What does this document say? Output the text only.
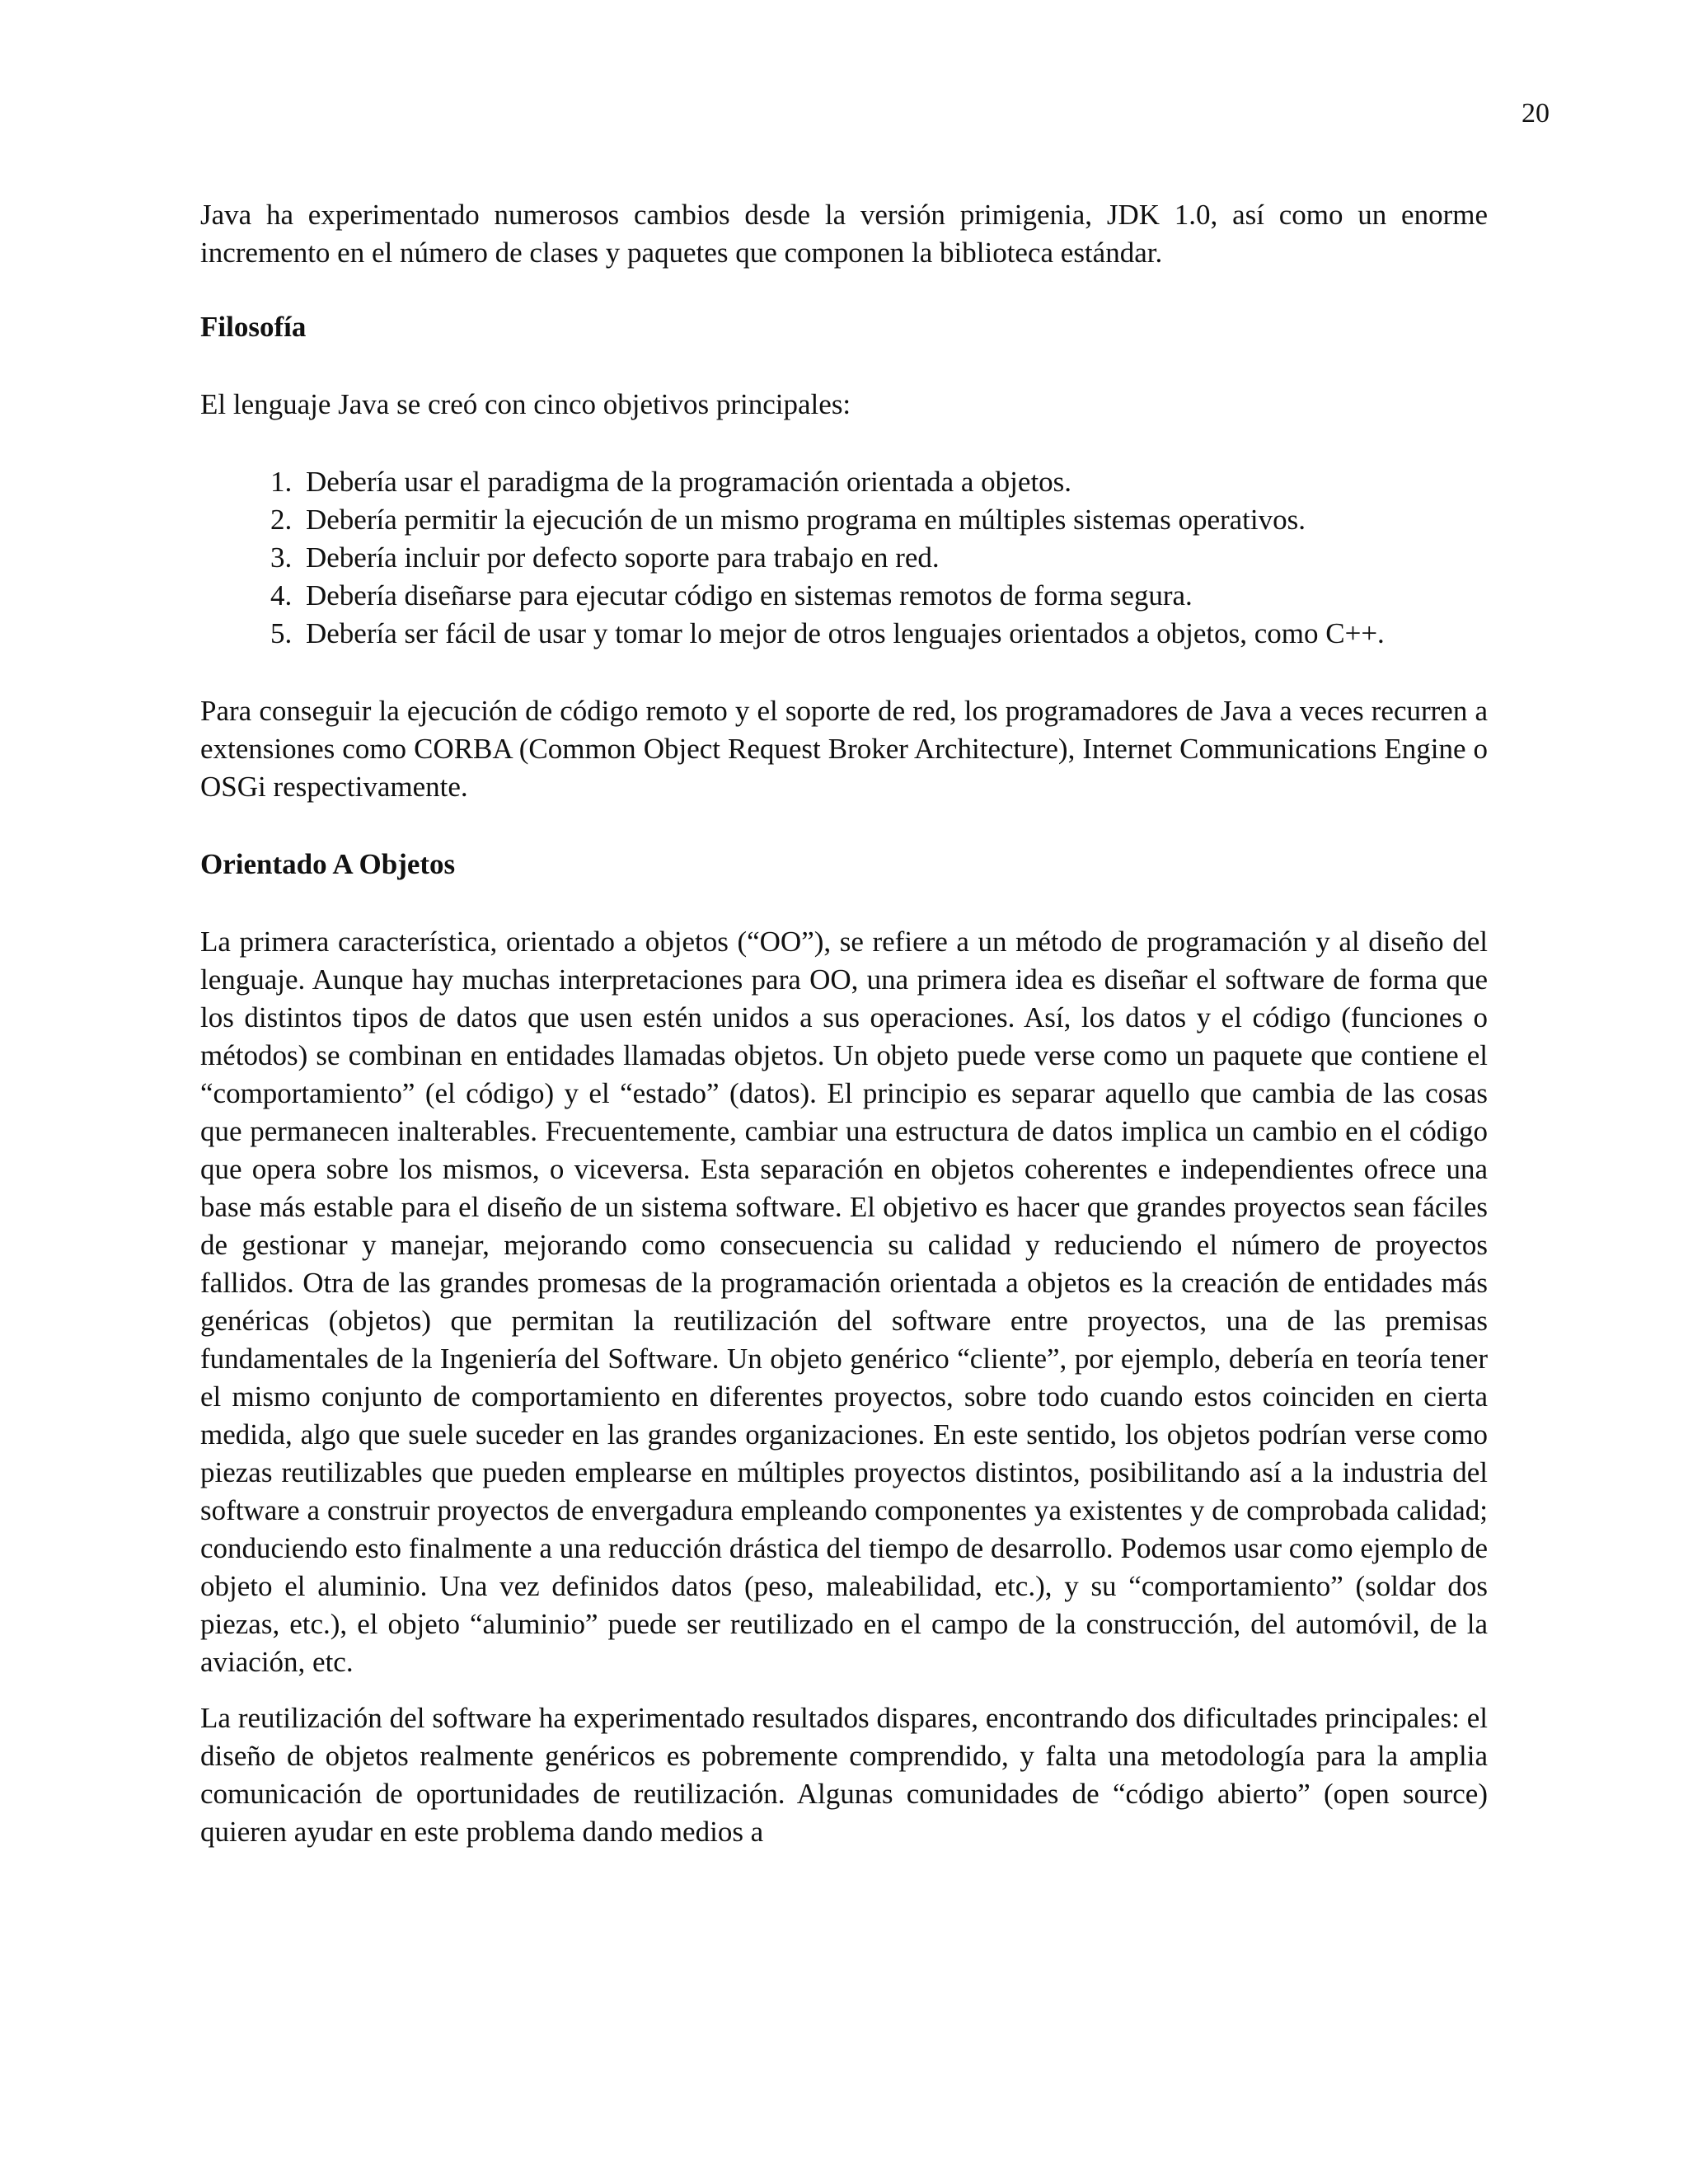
20

Java ha experimentado numerosos cambios desde la versión primigenia, JDK 1.0, así como un enorme incremento en el número de clases y paquetes que componen la biblioteca estándar.

Filosofía

El lenguaje Java se creó con cinco objetivos principales:

1. Debería usar el paradigma de la programación orientada a objetos.
2. Debería permitir la ejecución de un mismo programa en múltiples sistemas operativos.
3. Debería incluir por defecto soporte para trabajo en red.
4. Debería diseñarse para ejecutar código en sistemas remotos de forma segura.
5. Debería ser fácil de usar y tomar lo mejor de otros lenguajes orientados a objetos, como C++.

Para conseguir la ejecución de código remoto y el soporte de red, los programadores de Java a veces recurren a extensiones como CORBA (Common Object Request Broker Architecture), Internet Communications Engine o OSGi respectivamente.

Orientado A Objetos

La primera característica, orientado a objetos (“OO”), se refiere a un método de programación y al diseño del lenguaje. Aunque hay muchas interpretaciones para OO, una primera idea es diseñar el software de forma que los distintos tipos de datos que usen estén unidos a sus operaciones. Así, los datos y el código (funciones o métodos) se combinan en entidades llamadas objetos. Un objeto puede verse como un paquete que contiene el “comportamiento” (el código) y el “estado” (datos). El principio es separar aquello que cambia de las cosas que permanecen inalterables. Frecuentemente, cambiar una estructura de datos implica un cambio en el código que opera sobre los mismos, o viceversa. Esta separación en objetos coherentes e independientes ofrece una base más estable para el diseño de un sistema software. El objetivo es hacer que grandes proyectos sean fáciles de gestionar y manejar, mejorando como consecuencia su calidad y reduciendo el número de proyectos fallidos. Otra de las grandes promesas de la programación orientada a objetos es la creación de entidades más genéricas (objetos) que permitan la reutilización del software entre proyectos, una de las premisas fundamentales de la Ingeniería del Software. Un objeto genérico “cliente”, por ejemplo, debería en teoría tener el mismo conjunto de comportamiento en diferentes proyectos, sobre todo cuando estos coinciden en cierta medida, algo que suele suceder en las grandes organizaciones. En este sentido, los objetos podrían verse como piezas reutilizables que pueden emplearse en múltiples proyectos distintos, posibilitando así a la industria del software a construir proyectos de envergadura empleando componentes ya existentes y de comprobada calidad; conduciendo esto finalmente a una reducción drástica del tiempo de desarrollo. Podemos usar como ejemplo de objeto el aluminio. Una vez definidos datos (peso, maleabilidad, etc.), y su “comportamiento” (soldar dos piezas, etc.), el objeto “aluminio” puede ser reutilizado en el campo de la construcción, del automóvil, de la aviación, etc.

La reutilización del software ha experimentado resultados dispares, encontrando dos dificultades principales: el diseño de objetos realmente genéricos es pobremente comprendido, y falta una metodología para la amplia comunicación de oportunidades de reutilización. Algunas comunidades de “código abierto” (open source) quieren ayudar en este problema dando medios a
